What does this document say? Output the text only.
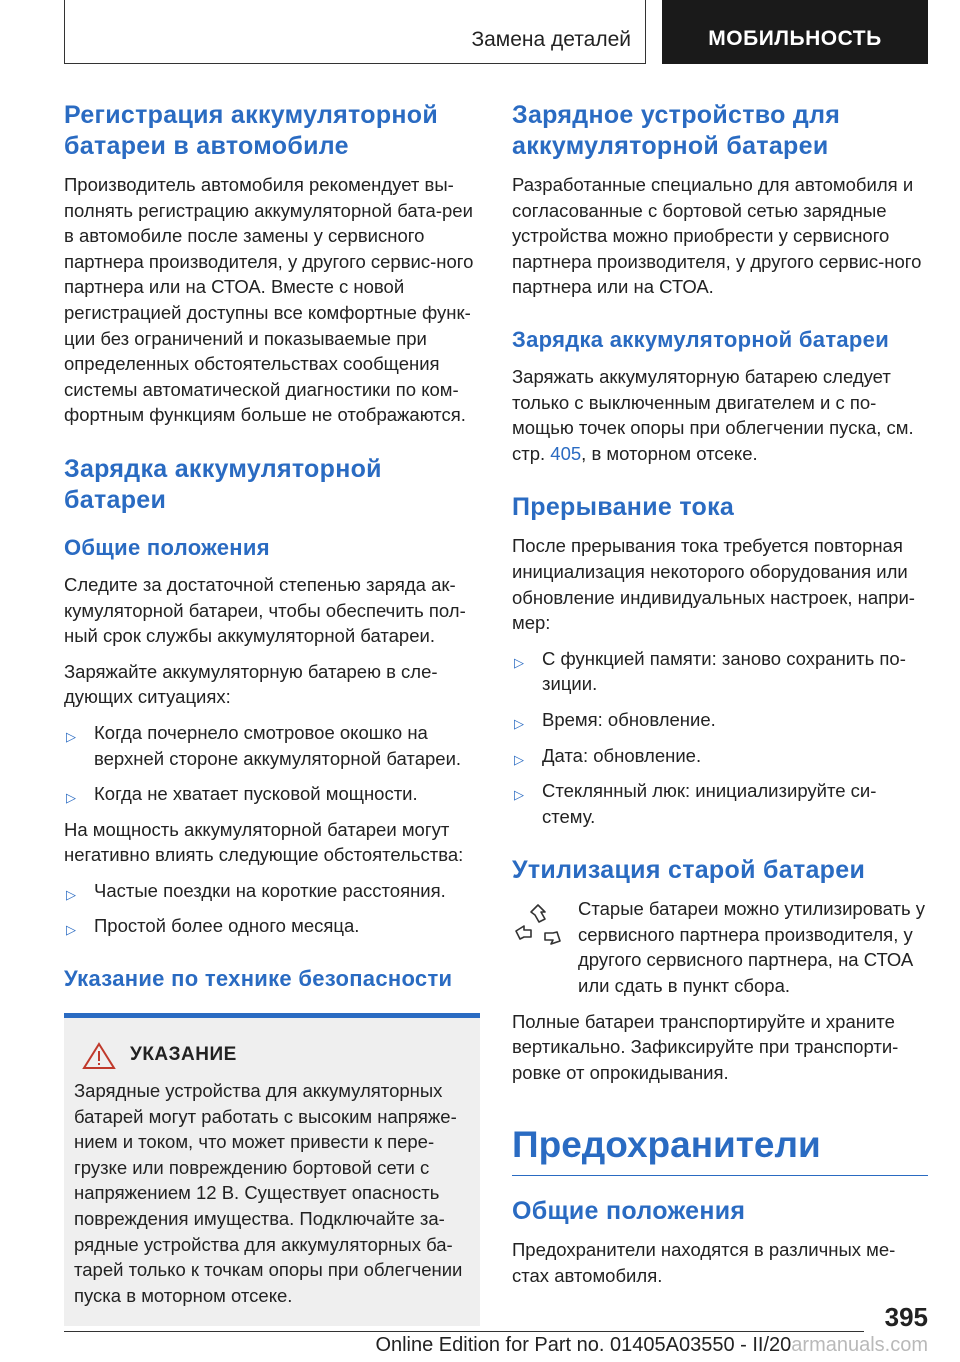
Замена деталей	МОБИЛЬНОСТЬ
Регистрация аккумуляторной батареи в автомобиле

Производитель автомобиля рекомендует вы-полнять регистрацию аккумуляторной бата-реи в автомобиле после замены у сервисного партнера производителя, у другого сервис-ного партнера или на СТОА. Вместе с новой регистрацией доступны все комфортные функ-ции без ограничений и показываемые при определенных обстоятельствах сообщения системы автоматической диагностики по ком-фортным функциям больше не отображаются.

Зарядка аккумуляторной батареи
Общие положения

Следите за достаточной степенью заряда ак-кумуляторной батареи, чтобы обеспечить пол-ный срок службы аккумуляторной батареи.

Заряжайте аккумуляторную батарею в сле-дующих ситуациях:

▷ Когда почернело смотровое окошко на верхней стороне аккумуляторной батареи.
▷ Когда не хватает пусковой мощности.

На мощность аккумуляторной батареи могут негативно влиять следующие обстоятельства:

▷ Частые поездки на короткие расстояния.
▷ Простой более одного месяца.
Указание по технике безопасности
УКАЗАНИЕ

Зарядные устройства для аккумуляторных батарей могут работать с высоким напряже-нием и током, что может привести к пере-грузке или повреждению бортовой сети с напряжением 12 В. Существует опасность повреждения имущества. Подключайте за-рядные устройства для аккумуляторных ба-тарей только к точкам опоры при облегчении пуска в моторном отсеке.

Зарядное устройство для аккумуляторной батареи

Разработанные специально для автомобиля и согласованные с бортовой сетью зарядные устройства можно приобрести у сервисного партнера производителя, у другого сервис-ного партнера или на СТОА.

Зарядка аккумуляторной батареи

Заряжать аккумуляторную батарею следует только с выключенным двигателем и с по-мощью точек опоры при облегчении пуска, см. стр. 405, в моторном отсеке.

Прерывание тока

После прерывания тока требуется повторная инициализация некоторого оборудования или обновление индивидуальных настроек, напри-мер:

▷ С функцией памяти: заново сохранить по-зиции.
▷ Время: обновление.
▷ Дата: обновление.
▷ Стеклянный люк: инициализируйте си-стему.
Утилизация старой батареи

Старые батареи можно утилизировать у сервисного партнера производителя, у другого сервисного партнера, на СТОА или сдать в пункт сбора.

Полные батареи транспортируйте и храните вертикально. Зафиксируйте при транспорти-ровке от опрокидывания.

Предохранители
Общие положения

Предохранители находятся в различных ме-стах автомобиля.

395
Online Edition for Part no. 01405A03550 - II/20armanuals.com
